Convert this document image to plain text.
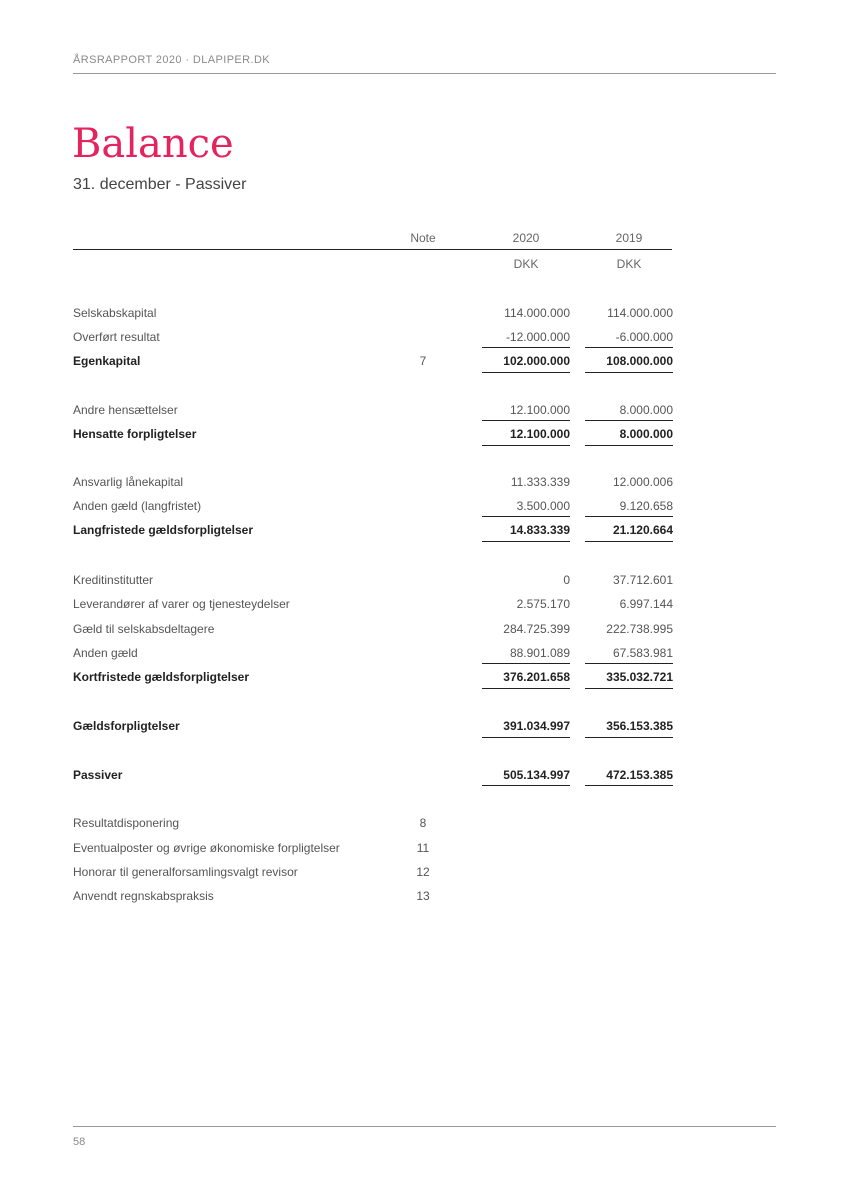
ÅRSRAPPORT 2020 · DLAPIPER.DK
Balance
31. december - Passiver
Note	2020	2019
DKK	DKK
Selskabskapital	114.000.000	114.000.000
Overført resultat	-12.000.000	-6.000.000
Egenkapital	7	102.000.000	108.000.000
Andre hensættelser	12.100.000	8.000.000
Hensatte forpligtelser	12.100.000	8.000.000
Ansvarlig lånekapital	11.333.339	12.000.006
Anden gæld (langfristet)	3.500.000	9.120.658
Langfristede gældsforpligtelser	14.833.339	21.120.664
Kreditinstitutter	0	37.712.601
Leverandører af varer og tjenesteydelser	2.575.170	6.997.144
Gæld til selskabsdeltagere	284.725.399	222.738.995
Anden gæld	88.901.089	67.583.981
Kortfristede gældsforpligtelser	376.201.658	335.032.721
Gældsforpligtelser	391.034.997	356.153.385
Passiver	505.134.997	472.153.385
Resultatdisponering	8
Eventualposter og øvrige økonomiske forpligtelser	11
Honorar til generalforsamlingsvalgt revisor	12
Anvendt regnskabspraksis	13
58
